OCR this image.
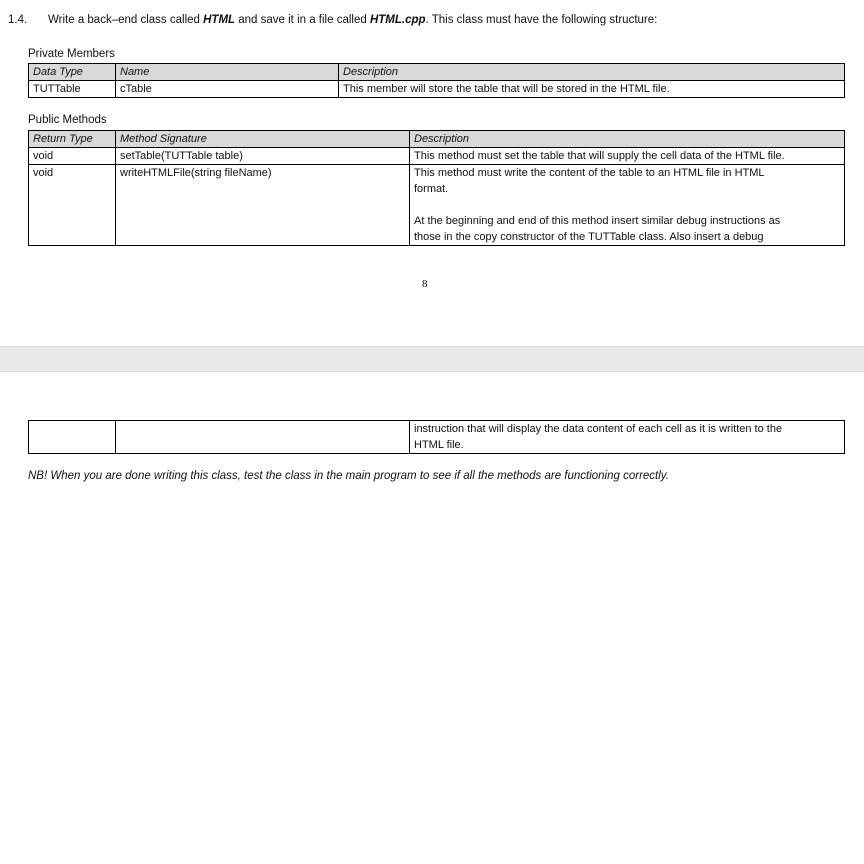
1.4. Write a back–end class called HTML and save it in a file called HTML.cpp. This class must have the following structure:
Private Members
Data Type	Name	Description
TUTTable	cTable	This member will store the table that will be stored in the HTML file.
Public Methods
Return Type	Method Signature	Description
void	setTable(TUTTable table)	This method must set the table that will supply the cell data of the HTML file.
void	writeHTMLFile(string fileName)	This method must write the content of the table to an HTML file in HTML
format.
At the beginning and end of this method insert similar debug instructions as
those in the copy constructor of the TUTTable class. Also insert a debug
8

instruction that will display the data content of each cell as it is written to the
HTML file.
NB! When you are done writing this class, test the class in the main program to see if all the methods are functioning correctly.
